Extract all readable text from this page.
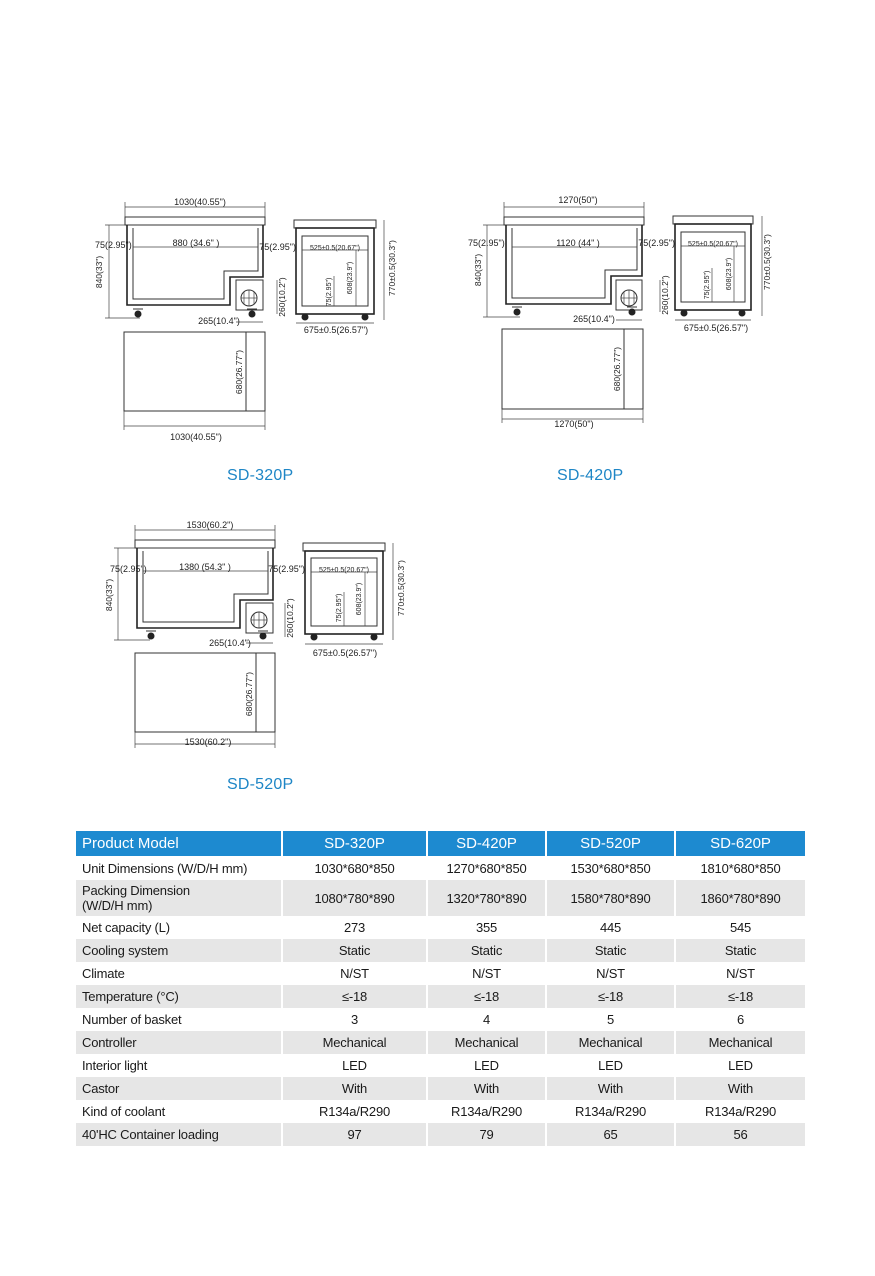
1030(40.55")
880 (34.6" )
840(33")
75(2.95")
265(10.4")
260(10.2")
75(2.95") 525±0.5(20.67")
608(23.9")
75(2.95")	770±0.5(30.3")
675±0.5(26.57")
680(26.77")
1030(40.55")
1270(50")
1120 (44" )
840(33")
75(2.95")
265(10.4")
260(10.2")
75(2.95") 525±0.5(20.67")
608(23.9")
75(2.95")	770±0.5(30.3")
675±0.5(26.57")
680(26.77")
1270(50")
1530(60.2")
1380 (54.3" )
840(33")
75(2.95")
265(10.4")
260(10.2")
75(2.95") 525±0.5(20.67")
608(23.9")
75(2.95")	770±0.5(30.3")
675±0.5(26.57")
680(26.77")
1530(60.2")
SD-320P	SD-420P
SD-520P
Product Model	SD-320P	SD-420P	SD-520P	SD-620P
Unit Dimensions (W/D/H mm)	1030*680*850	1270*680*850	1530*680*850	1810*680*850
Packing Dimension
(W/D/H mm)	1080*780*890	1320*780*890	1580*780*890	1860*780*890
Net capacity (L)	273	355	445	545
Cooling system	Static	Static	Static	Static
Climate	N/ST	N/ST	N/ST	N/ST
Temperature (°C)	≤-18	≤-18	≤-18	≤-18
Number of basket	3	4	5	6
Controller	Mechanical	Mechanical	Mechanical	Mechanical
Interior light	LED	LED	LED	LED
Castor	With	With	With	With
Kind of coolant	R134a/R290	R134a/R290	R134a/R290	R134a/R290
40'HC Container loading	97	79	65	56
